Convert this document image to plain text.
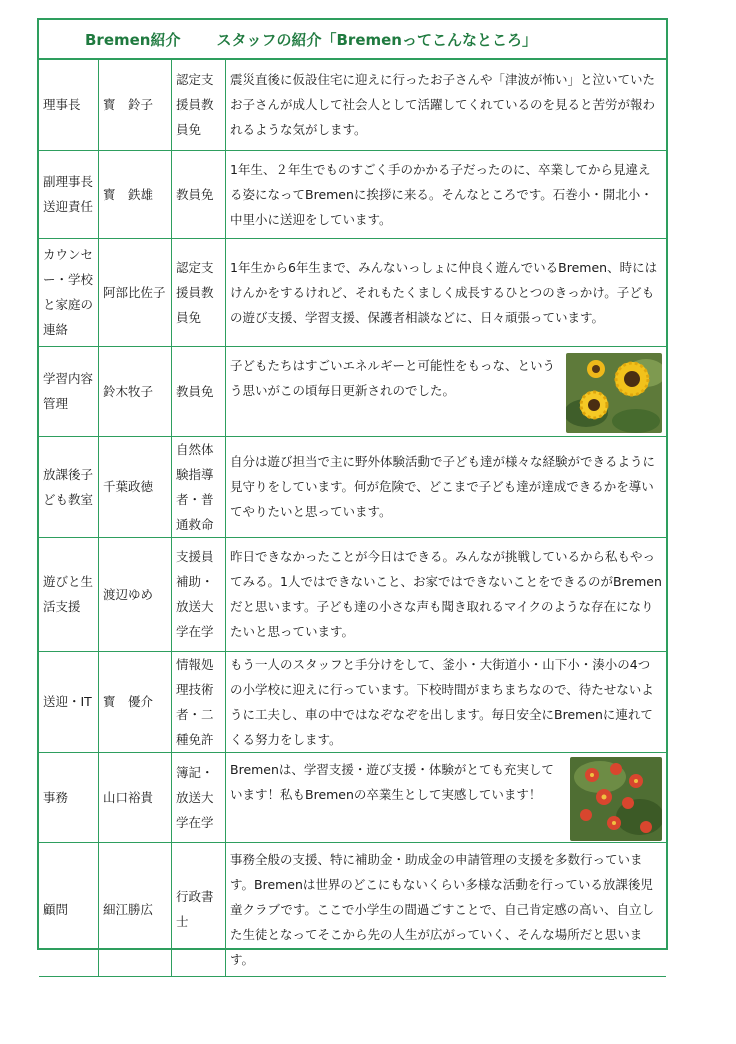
Bremen紹介	スタッフの紹介「Bremenってこんなところ」
理事長	寳　鈴子	認定支援員教員免	震災直後に仮設住宅に迎えに行ったお子さんや「津波が怖い」と泣いていたお子さんが成人して社会人として活躍してくれているのを見ると苦労が報われるような気がします。

副理事長送迎責任	寳　鉄雄	教員免	1年生、２年生でものすごく手のかかる子だったのに、卒業してから見違える姿になってBremenに挨拶に来る。そんなところです。石巻小・開北小・中里小に送迎をしています。

カウンセー・学校と家庭の連絡	阿部比佐子	認定支援員教員免	1年生から6年生まで、みんないっしょに仲良く遊んでいるBremen、時にはけんかをするけれど、それもたくましく成長するひとつのきっかけ。子どもの遊び支援、学習支援、保護者相談などに、日々頑張っています。

学習内容管理	鈴木牧子	教員免	子どもたちはすごいエネルギーと可能性をもっな、というう思いがこの頃毎日更新されのでした。

放課後子ども教室	千葉政徳	自然体験指導者・普通救命	自分は遊び担当で主に野外体験活動で子ども達が様々な経験ができるように見守りをしています。何が危険で、どこまで子ども達が達成できるかを導いてやりたいと思っています。

遊びと生活支援	渡辺ゆめ	支援員補助・放送大学在学	昨日できなかったことが今日はできる。みんなが挑戦しているから私もやってみる。1人ではできないこと、お家ではできないことをできるのがBremenだと思います。子ども達の小さな声も聞き取れるマイクのような存在になりたいと思っています。

送迎・IT	寳　優介	情報処理技術者・二種免許	もう一人のスタッフと手分けをして、釜小・大街道小・山下小・湊小の4つの小学校に迎えに行っています。下校時間がまちまちなので、待たせないように工夫し、車の中ではなぞなぞを出します。毎日安全にBremenに連れてくる努力をします。

事務	山口裕貴	簿記・放送大学在学	Bremenは、学習支援・遊び支援・体験がとても充実しています！私もBremenの卒業生として実感しています！

顧問	細江勝広	行政書士	事務全般の支援、特に補助金・助成金の申請管理の支援を多数行っています。Bremenは世界のどこにもないくらい多様な活動を行っている放課後児童クラブです。ここで小学生の間過ごすことで、自己肯定感の高い、自立した生徒となってそこから先の人生が広がっていく、そんな場所だと思います。
